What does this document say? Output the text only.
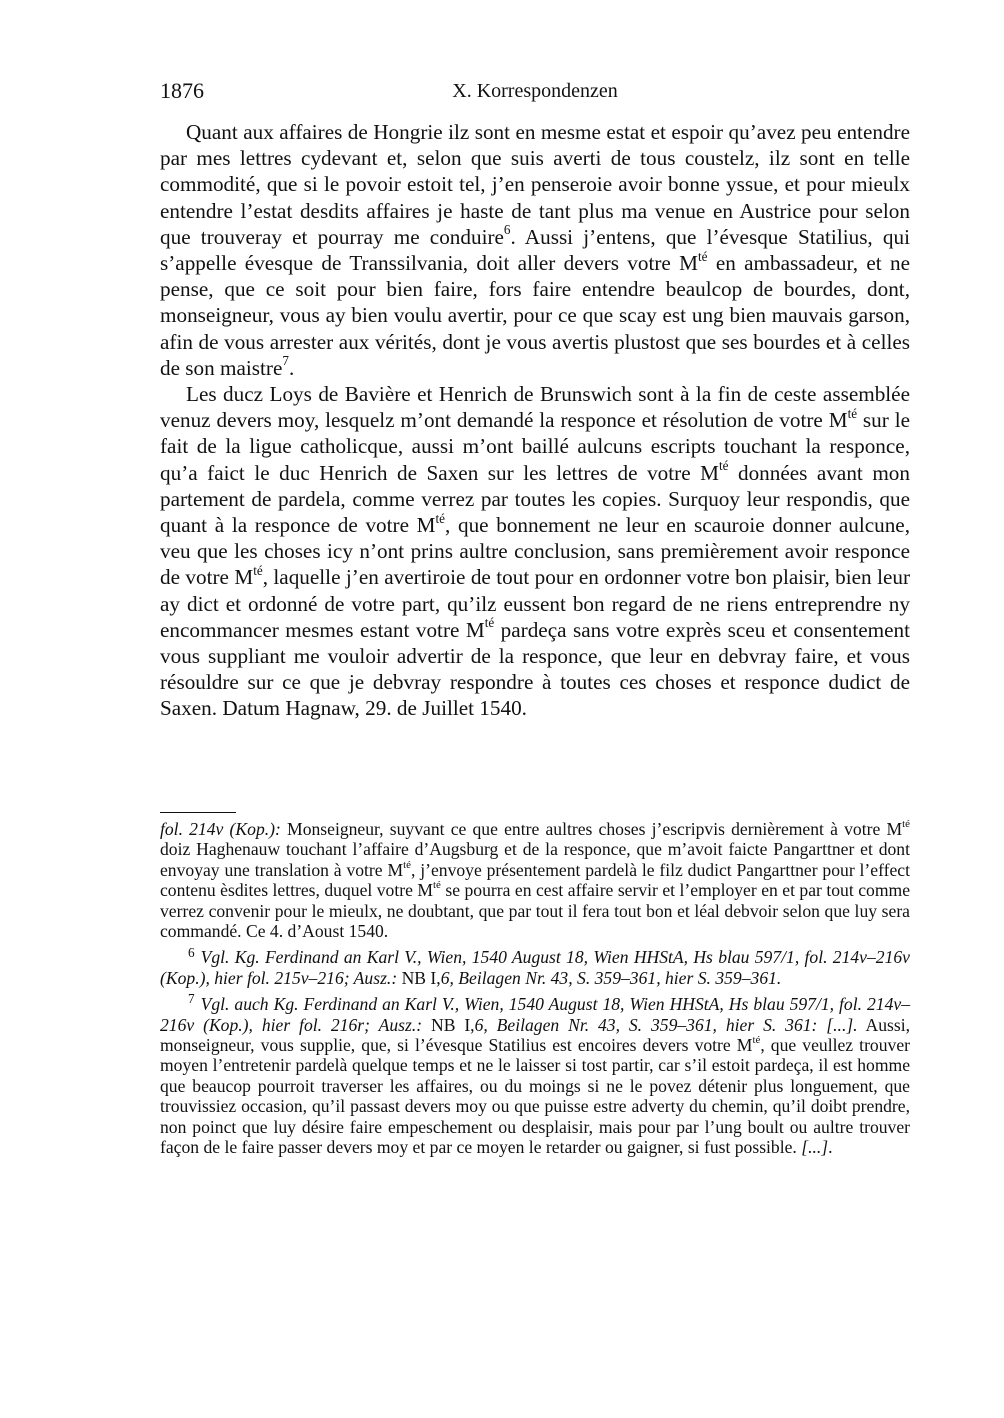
1876	X. Korrespondenzen

Quant aux affaires de Hongrie ilz sont en mesme estat et espoir qu’avez peu entendre par mes lettres cydevant et, selon que suis averti de tous coustelz, ilz sont en telle commodité, que si le povoir estoit tel, j’en penseroie avoir bonne yssue, et pour mieulx entendre l’estat desdits affaires je haste de tant plus ma venue en Austrice pour selon que trouveray et pourray me conduire$^6$. Aussi j’entens, que l’évesque Statilius, qui s’appelle évesque de Transsilvania, doit aller devers votre $M^{té}$ en ambassadeur, et ne pense, que ce soit pour bien faire, fors faire entendre beaulcop de bourdes, dont, monseigneur, vous ay bien voulu avertir, pour ce que scay est ung bien mauvais garson, afin de vous arrester aux vérités, dont je vous avertis plustost que ses bourdes et à celles de son maistre$^7$.

Les ducz Loys de Bavière et Henrich de Brunswich sont à la fin de ceste assemblée venuz devers moy, lesquelz m’ont demandé la responce et résolution de votre $M^{té}$ sur le fait de la ligue catholicque, aussi m’ont baillé aulcuns escripts touchant la responce, qu’a faict le duc Henrich de Saxen sur les lettres de votre $M^{té}$ données avant mon partement de pardela, comme verrez par toutes les copies. Surquoy leur respondis, que quant à la responce de votre $M^{té}$, que bonnement ne leur en scauroie donner aulcune, veu que les choses icy n’ont prins aultre conclusion, sans premièrement avoir responce de votre $M^{té}$, laquelle j’en avertiroie de tout pour en ordonner votre bon plaisir, bien leur ay dict et ordonné de votre part, qu’ilz eussent bon regard de ne riens entreprendre ny encommancer mesmes estant votre $M^{té}$ pardeça sans votre exprès sceu et consentement vous suppliant me vouloir advertir de la responce, que leur en debvray faire, et vous résouldre sur ce que je debvray respondre à toutes ces choses et responce dudict de Saxen. Datum Hagnaw, 29. de Juillet 1540.

fol. 214v (Kop.): Monseigneur, suyvant ce que entre aultres choses j’escripvis dernièrement à votre $M^{té}$ doiz Haghenauw touchant l’affaire d’Augsburg et de la responce, que m’avoit faicte Pangarttner et dont envoyay une translation à votre $M^{té}$, j’envoye présentement pardelà le filz dudict Pangarttner pour l’effect contenu èsdites lettres, duquel votre $M^{té}$ se pourra en cest affaire servir et l’employer en et par tout comme verrez convenir pour le mieulx, ne doubtant, que par tout il fera tout bon et léal debvoir selon que luy sera commandé. Ce 4. d’Aoust 1540.

$^6$ Vgl. Kg. Ferdinand an Karl V., Wien, 1540 August 18, Wien HHStA, Hs blau 597/1, fol. 214v–216v (Kop.), hier fol. 215v–216; Ausz.: NB I,6, Beilagen Nr. 43, S. 359–361, hier S. 359–361.

$^7$ Vgl. auch Kg. Ferdinand an Karl V., Wien, 1540 August 18, Wien HHStA, Hs blau 597/1, fol. 214v–216v (Kop.), hier fol. 216r; Ausz.: NB I,6, Beilagen Nr. 43, S. 359–361, hier S. 361: [...]. Aussi, monseigneur, vous supplie, que, si l’évesque Statilius est encoires devers votre $M^{té}$, que veullez trouver moyen l’entretenir pardelà quelque temps et ne le laisser si tost partir, car s’il estoit pardeça, il est homme que beaucop pourroit traverser les affaires, ou du moings si ne le povez détenir plus longuement, que trouvissiez occasion, qu’il passast devers moy ou que puisse estre adverty du chemin, qu’il doibt prendre, non poinct que luy désire faire empeschement ou desplaisir, mais pour par l’ung boult ou aultre trouver façon de le faire passer devers moy et par ce moyen le retarder ou gaigner, si fust possible. [...].
